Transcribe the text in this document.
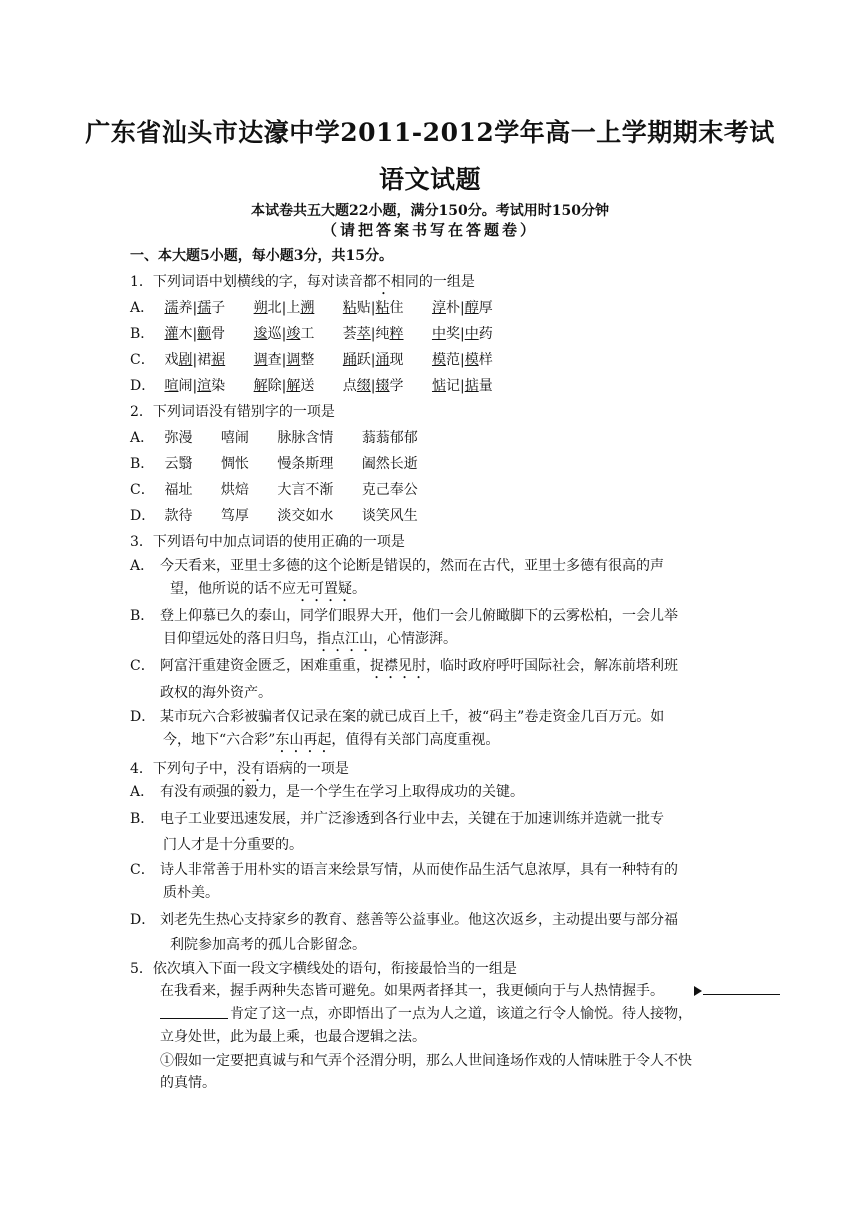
广东省汕头市达濠中学2011-2012学年高一上学期期末考试
语文试题
本试卷共五大题22小题，满分150分。考试用时150分钟
（请把答案书写在答题卷）
一、本大题5小题，每小题3分，共15分。
1．下列词语中划横线的字，每对读音都不相同的一组是
A． 濡养|孺子 朔北|上溯 粘贴|粘住 淳朴|醇厚
B． 灌木|颧骨 逡巡|竣工 荟萃|纯粹 中奖|中药
C． 戏剧|裙裾 调查|调整 踊跃|涌现 模范|模样
D． 喧闹|渲染 解除|解送 点缀|辍学 惦记|掂量
2．下列词语没有错别字的一项是
A． 弥漫 嘻闹 脉脉含情 蓊蓊郁郁
B． 云翳 惆怅 慢条斯理 阖然长逝
C． 福址 烘焙 大言不渐 克己奉公
D． 款待 笃厚 淡交如水 谈笑风生
3．下列语句中加点词语的使用正确的一项是
A． 今天看来，亚里士多德的这个论断是错误的，然而在古代，亚里士多德有很高的声
望，他所说的话不应无可置疑。
B． 登上仰慕已久的泰山，同学们眼界大开，他们一会儿俯瞰脚下的云雾松柏，一会儿举
目仰望远处的落日归鸟，指点江山，心情澎湃。
C． 阿富汗重建资金匮乏，困难重重，捉襟见肘，临时政府呼吁国际社会，解冻前塔利班
政权的海外资产。
D． 某市玩六合彩被骗者仅记录在案的就已成百上千，被“码主”卷走资金几百万元。如
今，地下“六合彩”东山再起，值得有关部门高度重视。
4．下列句子中，没有语病的一项是
A． 有没有顽强的毅力，是一个学生在学习上取得成功的关键。
B． 电子工业要迅速发展，并广泛渗透到各行业中去，关键在于加速训练并造就一批专
门人才是十分重要的。
C． 诗人非常善于用朴实的语言来绘景写情，从而使作品生活气息浓厚，具有一种特有的
质朴美。
D． 刘老先生热心支持家乡的教育、慈善等公益事业。他这次返乡，主动提出要与部分福
利院参加高考的孤儿合影留念。
5．依次填入下面一段文字横线处的语句，衔接最恰当的一组是
在我看来，握手两种失态皆可避免。如果两者择其一，我更倾向于与人热情握手。
肯定了这一点，亦即悟出了一点为人之道，该道之行令人愉悦。待人接物，
立身处世，此为最上乘，也最合逻辑之法。
①假如一定要把真诚与和气弄个泾渭分明，那么人世间逢场作戏的人情味胜于令人不快
的真情。
